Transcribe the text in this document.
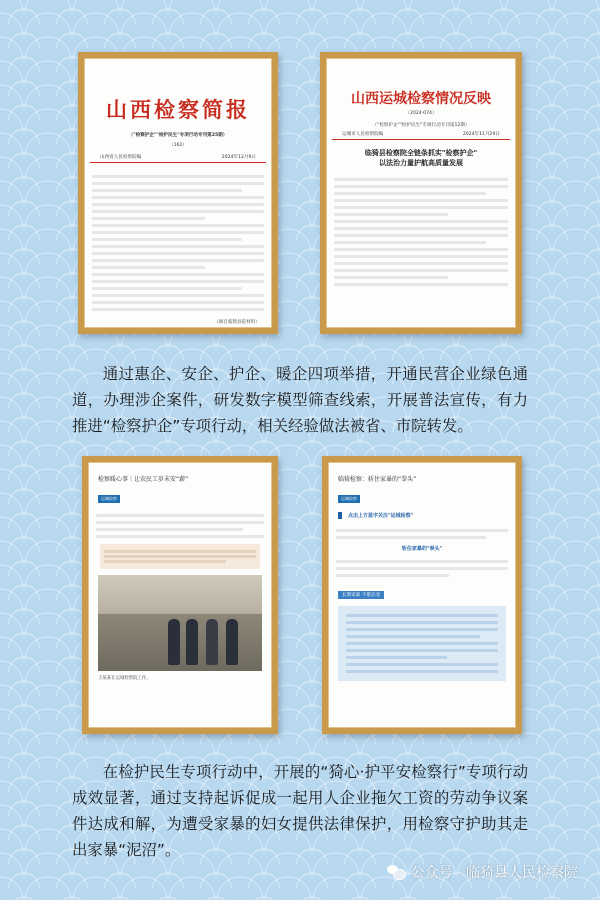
山西检察简报
（"检察护企""检护民生"专项行动专刊第25期）
（162）
山西省人民检察院编	2024年12月9日
（摘自临猗县院材料）
山西运城检察情况反映
（2024·074）
（"检察护企""检护民生"专项行动专刊第12期）
运城市人民检察院编	2024年11月29日
临猗县检察院全链条抓实"检察护企"
以法治力量护航高质量发展

通过惠企、安企、护企、暖企四项举措，开通民营企业绿色通道，办理涉企案件，研发数字模型筛查线索，开展普法宣传，有力推进“检察护企”专项行动，相关经验做法被省、市院转发。

检察暖心事｜让农民工岁末安“薪”
运城检察
王某某在运城检察院工作。
临猗检察：斩住家暴的“拳头”
运城检察
点击上方蓝字关注"运城检察"
斩住家暴的"拳头"
长期家暴 不堪忍受

在检护民生专项行动中，开展的“猗心·护平安检察行”专项行动成效显著，通过支持起诉促成一起用人企业拖欠工资的劳动争议案件达成和解，为遭受家暴的妇女提供法律保护，用检察守护助其走出家暴“泥沼”。

公众号 · 临猗县人民检察院
